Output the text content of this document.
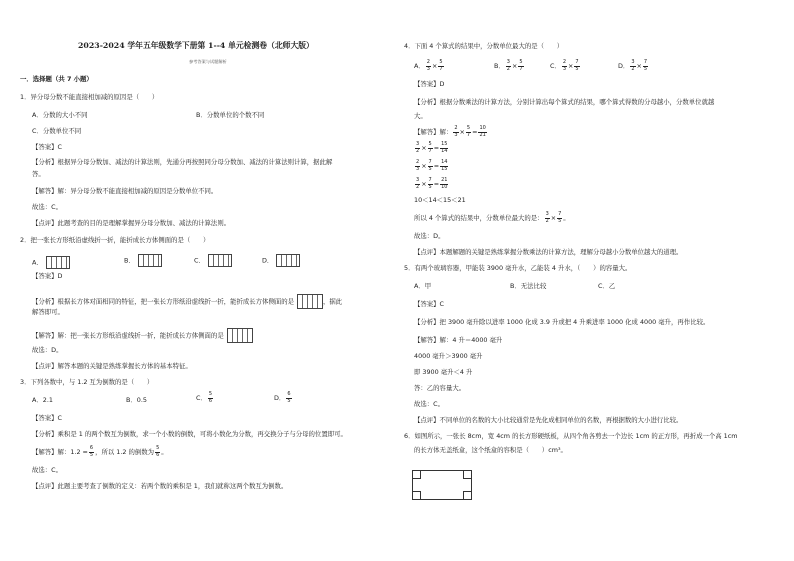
2023-2024 学年五年级数学下册第 1--4 单元检测卷（北师大版）
参考答案与试题解析
一．选择题（共 7 小题）
1．异分母分数不能直接相加减的原因是（　　）
A．分数的大小不同	B．分数单位的个数不同
C．分数单位不同
【答案】C
【分析】根据异分母分数加、减法的计算法则，先通分再按照同分母分数加、减法的计算法则计算，据此解
答。
【解答】解：异分母分数不能直接相加减的原因是分数单位不同。
故选：C。
【点评】此题考查的目的是理解掌握异分母分数加、减法的计算法则。
2．把一张长方形纸沿虚线折一折，能折成长方体侧面的是（　　）
A．	B．	C．	D．
【答案】D
【分析】根据长方体对面相同的特征，把一张长方形纸沿虚线折一折，能折成长方体侧面的是	，据此
解答即可。
【解答】解：把一张长方形纸沿虚线折一折，能折成长方体侧面的是
故选：D。
【点评】解答本题的关键是熟练掌握长方体的基本特征。
3．下列各数中，与 1.2 互为倒数的是（　　）
A．2.1	B．0.5	C． $\frac{5}{6}$	D． $\frac{6}{5}$
【答案】C
【分析】乘积是 1 的两个数互为倒数，求一个小数的倒数，可将小数化为分数，再交换分子与分母的位置即可。
【解答】解：$1.2 = \frac{6}{5}$ ，所以 1.2 的倒数为 $\frac{5}{6}$ 。
故选：C。
【点评】此题主要考查了倒数的定义：若两个数的乘积是 1，我们就称这两个数互为倒数。
4．下面 4 个算式的结果中，分数单位最大的是（　　）
A． $\frac{2}{3} \times \frac{5}{7}$	B． $\frac{3}{2} \times \frac{5}{7}$	C． $\frac{2}{3} \times \frac{7}{5}$	D． $\frac{3}{2} \times \frac{7}{5}$
【答案】D
【分析】根据分数乘法的计算方法，分别计算出每个算式的结果，哪个算式得数的分母越小，分数单位就越
大。
【解答】解： $\frac{2}{3} \times \frac{5}{7} = \frac{10}{21}$
$\frac{3}{2} \times \frac{5}{7} = \frac{15}{14}$
$\frac{2}{3} \times \frac{7}{5} = \frac{14}{15}$
$\frac{3}{2} \times \frac{7}{5} = \frac{21}{10}$
10＜14＜15＜21
所以 4 个算式的结果中，分数单位最大的是： $\frac{3}{2} \times \frac{7}{5}$ 。
故选：D。
【点评】本题解题的关键是熟练掌握分数乘法的计算方法，理解分母越小分数单位越大的道理。
5．有两个玻璃容器，甲能装 3900 毫升水，乙能装 4 升水，（　　）的容量大。
A．甲	B．无法比较	C．乙
【答案】C
【分析】把 3900 毫升除以进率 1000 化成 3.9 升或把 4 升乘进率 1000 化成 4000 毫升，再作比较。
【解答】解：4 升＝4000 毫升
4000 毫升＞3900 毫升
即 3900 毫升＜4 升
答：乙的容量大。
故选：C。
【点评】不同单位的名数的大小比较通常是先化成相同单位的名数，再根据数的大小进行比较。
6．如图所示，一张长 8cm，宽 4cm 的长方形硬纸板，从四个角各剪去一个边长 1cm 的正方形，再折成一个高 1cm
的长方体无盖纸盒，这个纸盒的容积是（　　）cm³。
